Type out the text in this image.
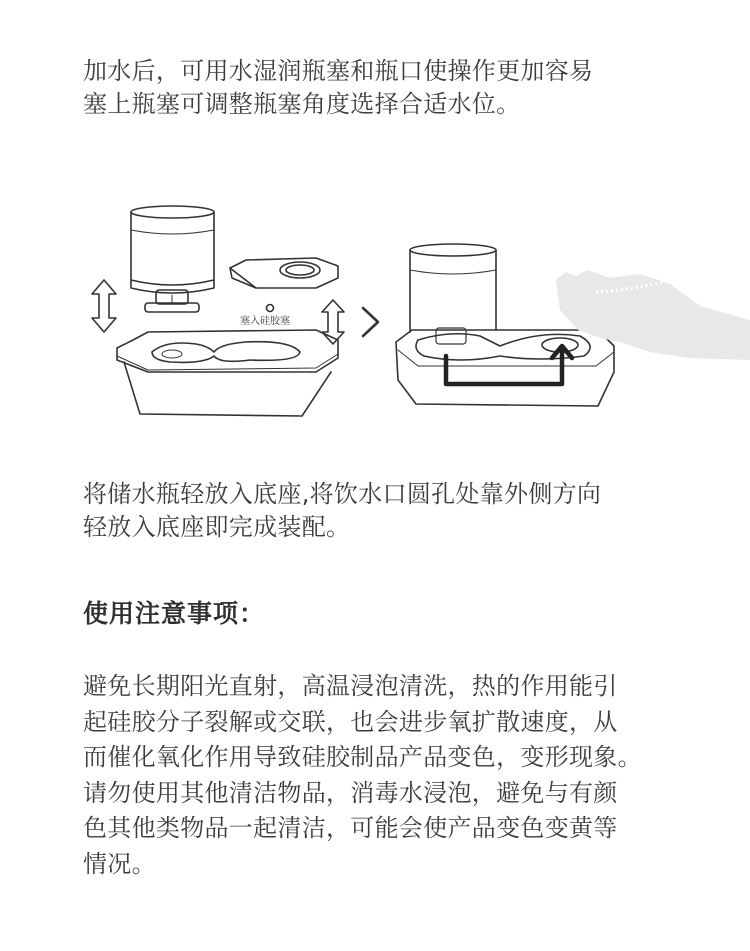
加水后，可用水湿润瓶塞和瓶口使操作更加容易
塞上瓶塞可调整瓶塞角度选择合适水位。

塞入硅胶塞

将储水瓶轻放入底座,将饮水口圆孔处靠外侧方向
轻放入底座即完成装配。

使用注意事项：

避免长期阳光直射，高温浸泡清洗，热的作用能引
起硅胶分子裂解或交联，也会进步氧扩散速度，从
而催化氧化作用导致硅胶制品产品变色，变形现象。
请勿使用其他清洁物品，消毒水浸泡，避免与有颜
色其他类物品一起清洁，可能会使产品变色变黄等
情况。
